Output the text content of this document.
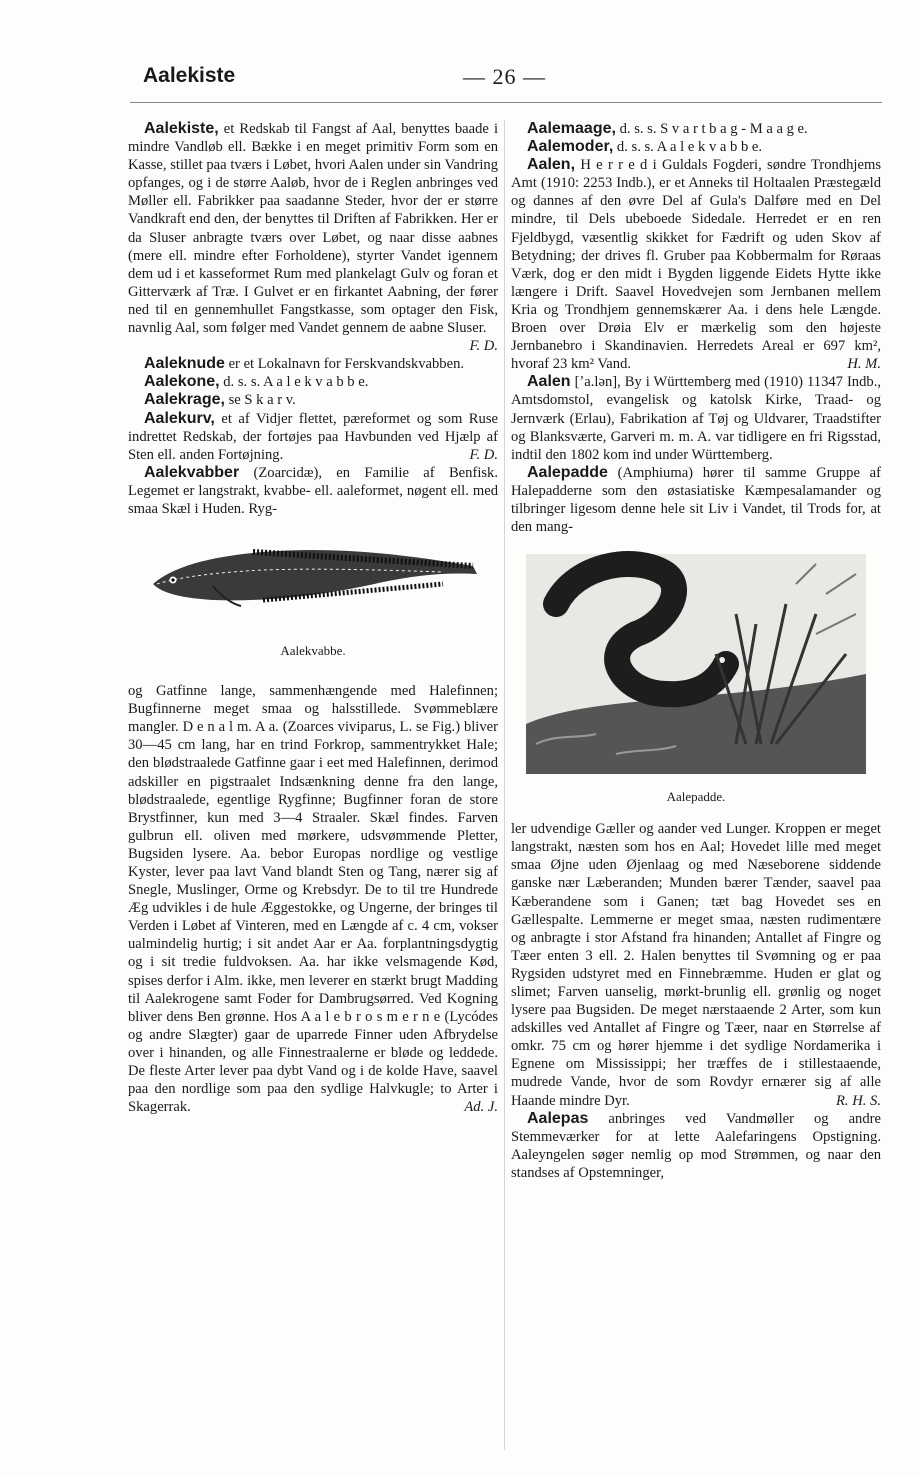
Aalekiste	— 26 —

Aalekiste, et Redskab til Fangst af Aal, benyttes baade i mindre Vandløb ell. Bække i en meget primitiv Form som en Kasse, stillet paa tværs i Løbet, hvori Aalen under sin Vandring opfanges, og i de større Aaløb, hvor de i Reglen anbringes ved Møller ell. Fabrikker paa saadanne Steder, hvor der er større Vandkraft end den, der benyttes til Driften af Fabrikken. Her er da Sluser anbragte tværs over Løbet, og naar disse aabnes (mere ell. mindre efter Forholdene), styrter Vandet igennem dem ud i et kasseformet Rum med plankelagt Gulv og foran et Gitterværk af Træ. I Gulvet er en firkantet Aabning, der fører ned til en gennemhullet Fangstkasse, som optager den Fisk, navnlig Aal, som følger med Vandet gennem de aabne Sluser.
F. D.

Aaleknude er et Lokalnavn for Ferskvandskvabben.

Aalekone, d. s. s. A a l e k v a b b e.

Aalekrage, se S k a r v.

Aalekurv, et af Vidjer flettet, pæreformet og som Ruse indrettet Redskab, der fortøjes paa Havbunden ved Hjælp af Sten ell. anden Fortøjning.	F. D.

Aalekvabber (Zoarcidæ), en Familie af Benfisk. Legemet er langstrakt, kvabbe- ell. aaleformet, nøgent ell. med smaa Skæl i Huden. Ryg-

Aalekvabbe.

og Gatfinne lange, sammenhængende med Halefinnen; Bugfinnerne meget smaa og halsstillede. Svømmeblære mangler. D e n a l m. A a. (Zoarces viviparus, L. se Fig.) bliver 30—45 cm lang, har en trind Forkrop, sammentrykket Hale; den blødstraalede Gatfinne gaar i eet med Halefinnen, derimod adskiller en pigstraalet Indsænkning denne fra den lange, blødstraalede, egentlige Rygfinne; Bugfinner foran de store Brystfinner, kun med 3—4 Straaler. Skæl findes. Farven gulbrun ell. oliven med mørkere, udsvømmende Pletter, Bugsiden lysere. Aa. bebor Europas nordlige og vestlige Kyster, lever paa lavt Vand blandt Sten og Tang, nærer sig af Snegle, Muslinger, Orme og Krebsdyr. De to til tre Hundrede Æg udvikles i de hule Æggestokke, og Ungerne, der bringes til Verden i Løbet af Vinteren, med en Længde af c. 4 cm, vokser ualmindelig hurtig; i sit andet Aar er Aa. forplantningsdygtig og i sit tredie fuldvoksen. Aa. har ikke velsmagende Kød, spises derfor i Alm. ikke, men leverer en stærkt brugt Madding til Aalekrogene samt Foder for Dambrugsørred. Ved Kogning bliver dens Ben grønne. Hos A a l e b r o s m e r n e (Lycódes og andre Slægter) gaar de uparrede Finner uden Afbrydelse over i hinanden, og alle Finnestraalerne er bløde og leddede. De fleste Arter lever paa dybt Vand og i de kolde Have, saavel paa den nordlige som paa den sydlige Halvkugle; to Arter i Skagerrak.	Ad. J.

Aalemaage, d. s. s. S v a r t b a g - M a a g e.

Aalemoder, d. s. s. A a l e k v a b b e.

Aalen, H e r r e d i Guldals Fogderi, søndre Trondhjems Amt (1910: 2253 Indb.), er et Anneks til Holtaalen Præstegæld og dannes af den øvre Del af Gula's Dalføre med en Del mindre, til Dels ubeboede Sidedale. Herredet er en ren Fjeldbygd, væsentlig skikket for Fædrift og uden Skov af Betydning; der drives fl. Gruber paa Kobbermalm for Røraas Værk, dog er den midt i Bygden liggende Eidets Hytte ikke længere i Drift. Saavel Hovedvejen som Jernbanen mellem Kria og Trondhjem gennemskærer Aa. i dens hele Længde. Broen over Drøia Elv er mærkelig som den højeste Jernbanebro i Skandinavien. Herredets Areal er 697 km², hvoraf 23 km² Vand.	H. M.

Aalen [ʼa.lən], By i Württemberg med (1910) 11347 Indb., Amtsdomstol, evangelisk og katolsk Kirke, Traad- og Jernværk (Erlau), Fabrikation af Tøj og Uldvarer, Traadstifter og Blanksværte, Garveri m. m. A. var tidligere en fri Rigsstad, indtil den 1802 kom ind under Württemberg.

Aalepadde (Amphiuma) hører til samme Gruppe af Halepadderne som den østasiatiske Kæmpesalamander og tilbringer ligesom denne hele sit Liv i Vandet, til Trods for, at den mang-

Aalepadde.

ler udvendige Gæller og aander ved Lunger. Kroppen er meget langstrakt, næsten som hos en Aal; Hovedet lille med meget smaa Øjne uden Øjenlaag og med Næseborene siddende ganske nær Læberanden; Munden bærer Tænder, saavel paa Kæberandene som i Ganen; tæt bag Hovedet ses en Gællespalte. Lemmerne er meget smaa, næsten rudimentære og anbragte i stor Afstand fra hinanden; Antallet af Fingre og Tæer enten 3 ell. 2. Halen benyttes til Svømning og er paa Rygsiden udstyret med en Finnebræmme. Huden er glat og slimet; Farven uanselig, mørkt-brunlig ell. grønlig og noget lysere paa Bugsiden. De meget nærstaaende 2 Arter, som kun adskilles ved Antallet af Fingre og Tæer, naar en Størrelse af omkr. 75 cm og hører hjemme i det sydlige Nordamerika i Egnene om Mississippi; her træffes de i stillestaaende, mudrede Vande, hvor de som Rovdyr ernærer sig af alle Haande mindre Dyr.	R. H. S.

Aalepas anbringes ved Vandmøller og andre Stemmeværker for at lette Aalefaringens Opstigning. Aaleyngelen søger nemlig op mod Strømmen, og naar den standses af Opstemninger,
